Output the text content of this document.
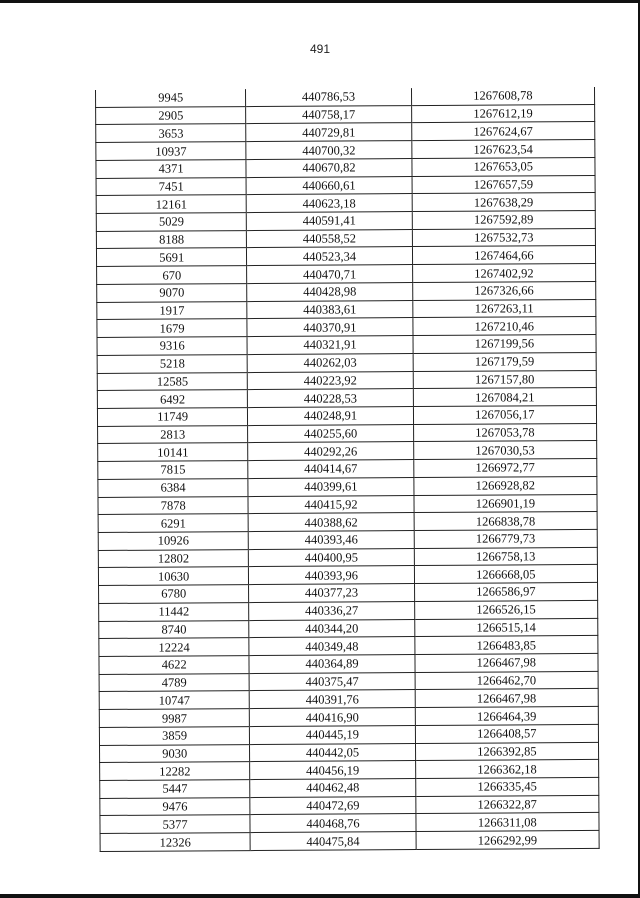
491
9945	440786,53	1267608,78
2905	440758,17	1267612,19
3653	440729,81	1267624,67
10937	440700,32	1267623,54
4371	440670,82	1267653,05
7451	440660,61	1267657,59
12161	440623,18	1267638,29
5029	440591,41	1267592,89
8188	440558,52	1267532,73
5691	440523,34	1267464,66
670	440470,71	1267402,92
9070	440428,98	1267326,66
1917	440383,61	1267263,11
1679	440370,91	1267210,46
9316	440321,91	1267199,56
5218	440262,03	1267179,59
12585	440223,92	1267157,80
6492	440228,53	1267084,21
11749	440248,91	1267056,17
2813	440255,60	1267053,78
10141	440292,26	1267030,53
7815	440414,67	1266972,77
6384	440399,61	1266928,82
7878	440415,92	1266901,19
6291	440388,62	1266838,78
10926	440393,46	1266779,73
12802	440400,95	1266758,13
10630	440393,96	1266668,05
6780	440377,23	1266586,97
11442	440336,27	1266526,15
8740	440344,20	1266515,14
12224	440349,48	1266483,85
4622	440364,89	1266467,98
4789	440375,47	1266462,70
10747	440391,76	1266467,98
9987	440416,90	1266464,39
3859	440445,19	1266408,57
9030	440442,05	1266392,85
12282	440456,19	1266362,18
5447	440462,48	1266335,45
9476	440472,69	1266322,87
5377	440468,76	1266311,08
12326	440475,84	1266292,99
